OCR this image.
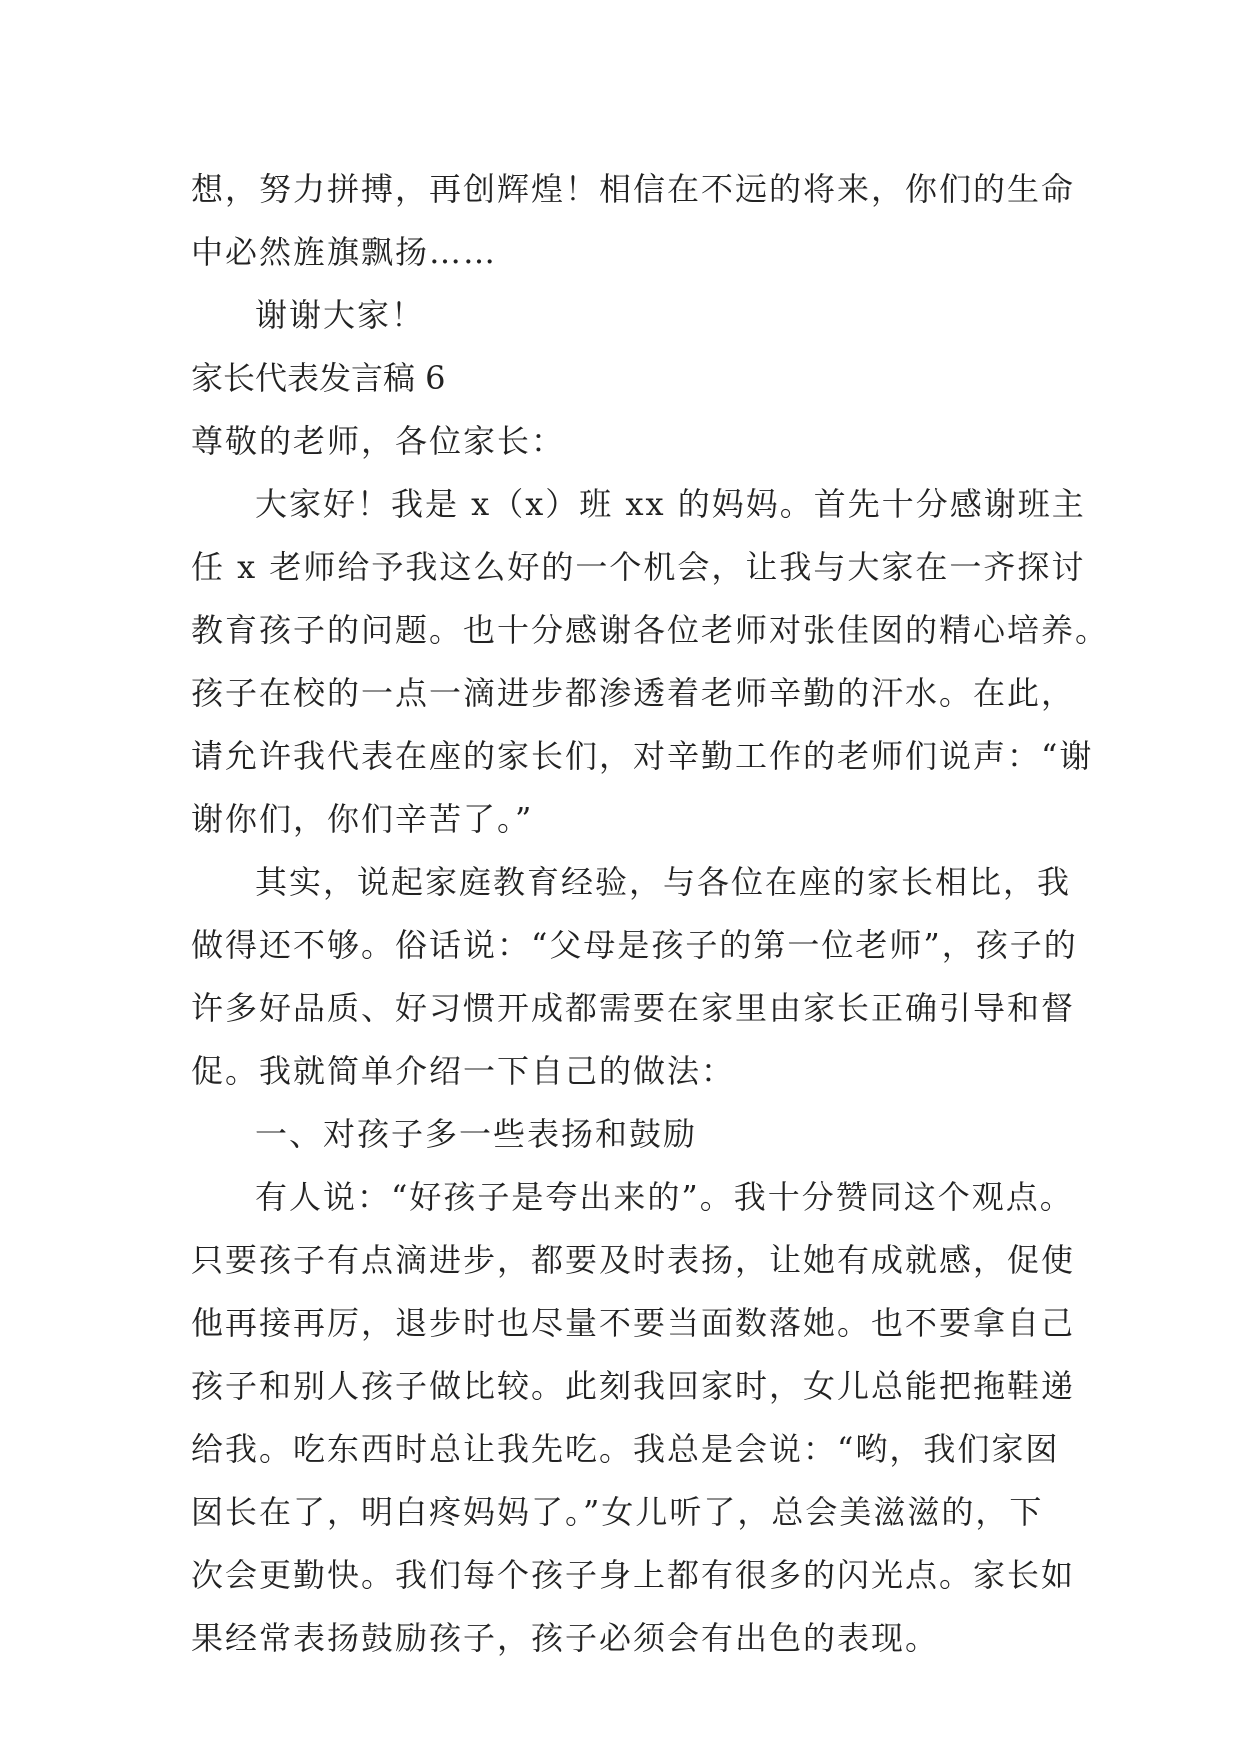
想，努力拼搏，再创辉煌！相信在不远的将来，你们的生命
中必然旌旗飘扬……
谢谢大家！
家长代表发言稿 6
尊敬的老师，各位家长：
大家好！我是 x（x）班 xx 的妈妈。首先十分感谢班主
任 x 老师给予我这么好的一个机会，让我与大家在一齐探讨
教育孩子的问题。也十分感谢各位老师对张佳囡的精心培养。
孩子在校的一点一滴进步都渗透着老师辛勤的汗水。在此，
请允许我代表在座的家长们，对辛勤工作的老师们说声：“谢
谢你们，你们辛苦了。”
其实，说起家庭教育经验，与各位在座的家长相比，我
做得还不够。俗话说：“父母是孩子的第一位老师”，孩子的
许多好品质、好习惯开成都需要在家里由家长正确引导和督
促。我就简单介绍一下自己的做法：
一、对孩子多一些表扬和鼓励
有人说：“好孩子是夸出来的”。我十分赞同这个观点。
只要孩子有点滴进步，都要及时表扬，让她有成就感，促使
他再接再厉，退步时也尽量不要当面数落她。也不要拿自己
孩子和别人孩子做比较。此刻我回家时，女儿总能把拖鞋递
给我。吃东西时总让我先吃。我总是会说：“哟，我们家囡
囡长在了，明白疼妈妈了。”女儿听了，总会美滋滋的，下
次会更勤快。我们每个孩子身上都有很多的闪光点。家长如
果经常表扬鼓励孩子，孩子必须会有出色的表现。
